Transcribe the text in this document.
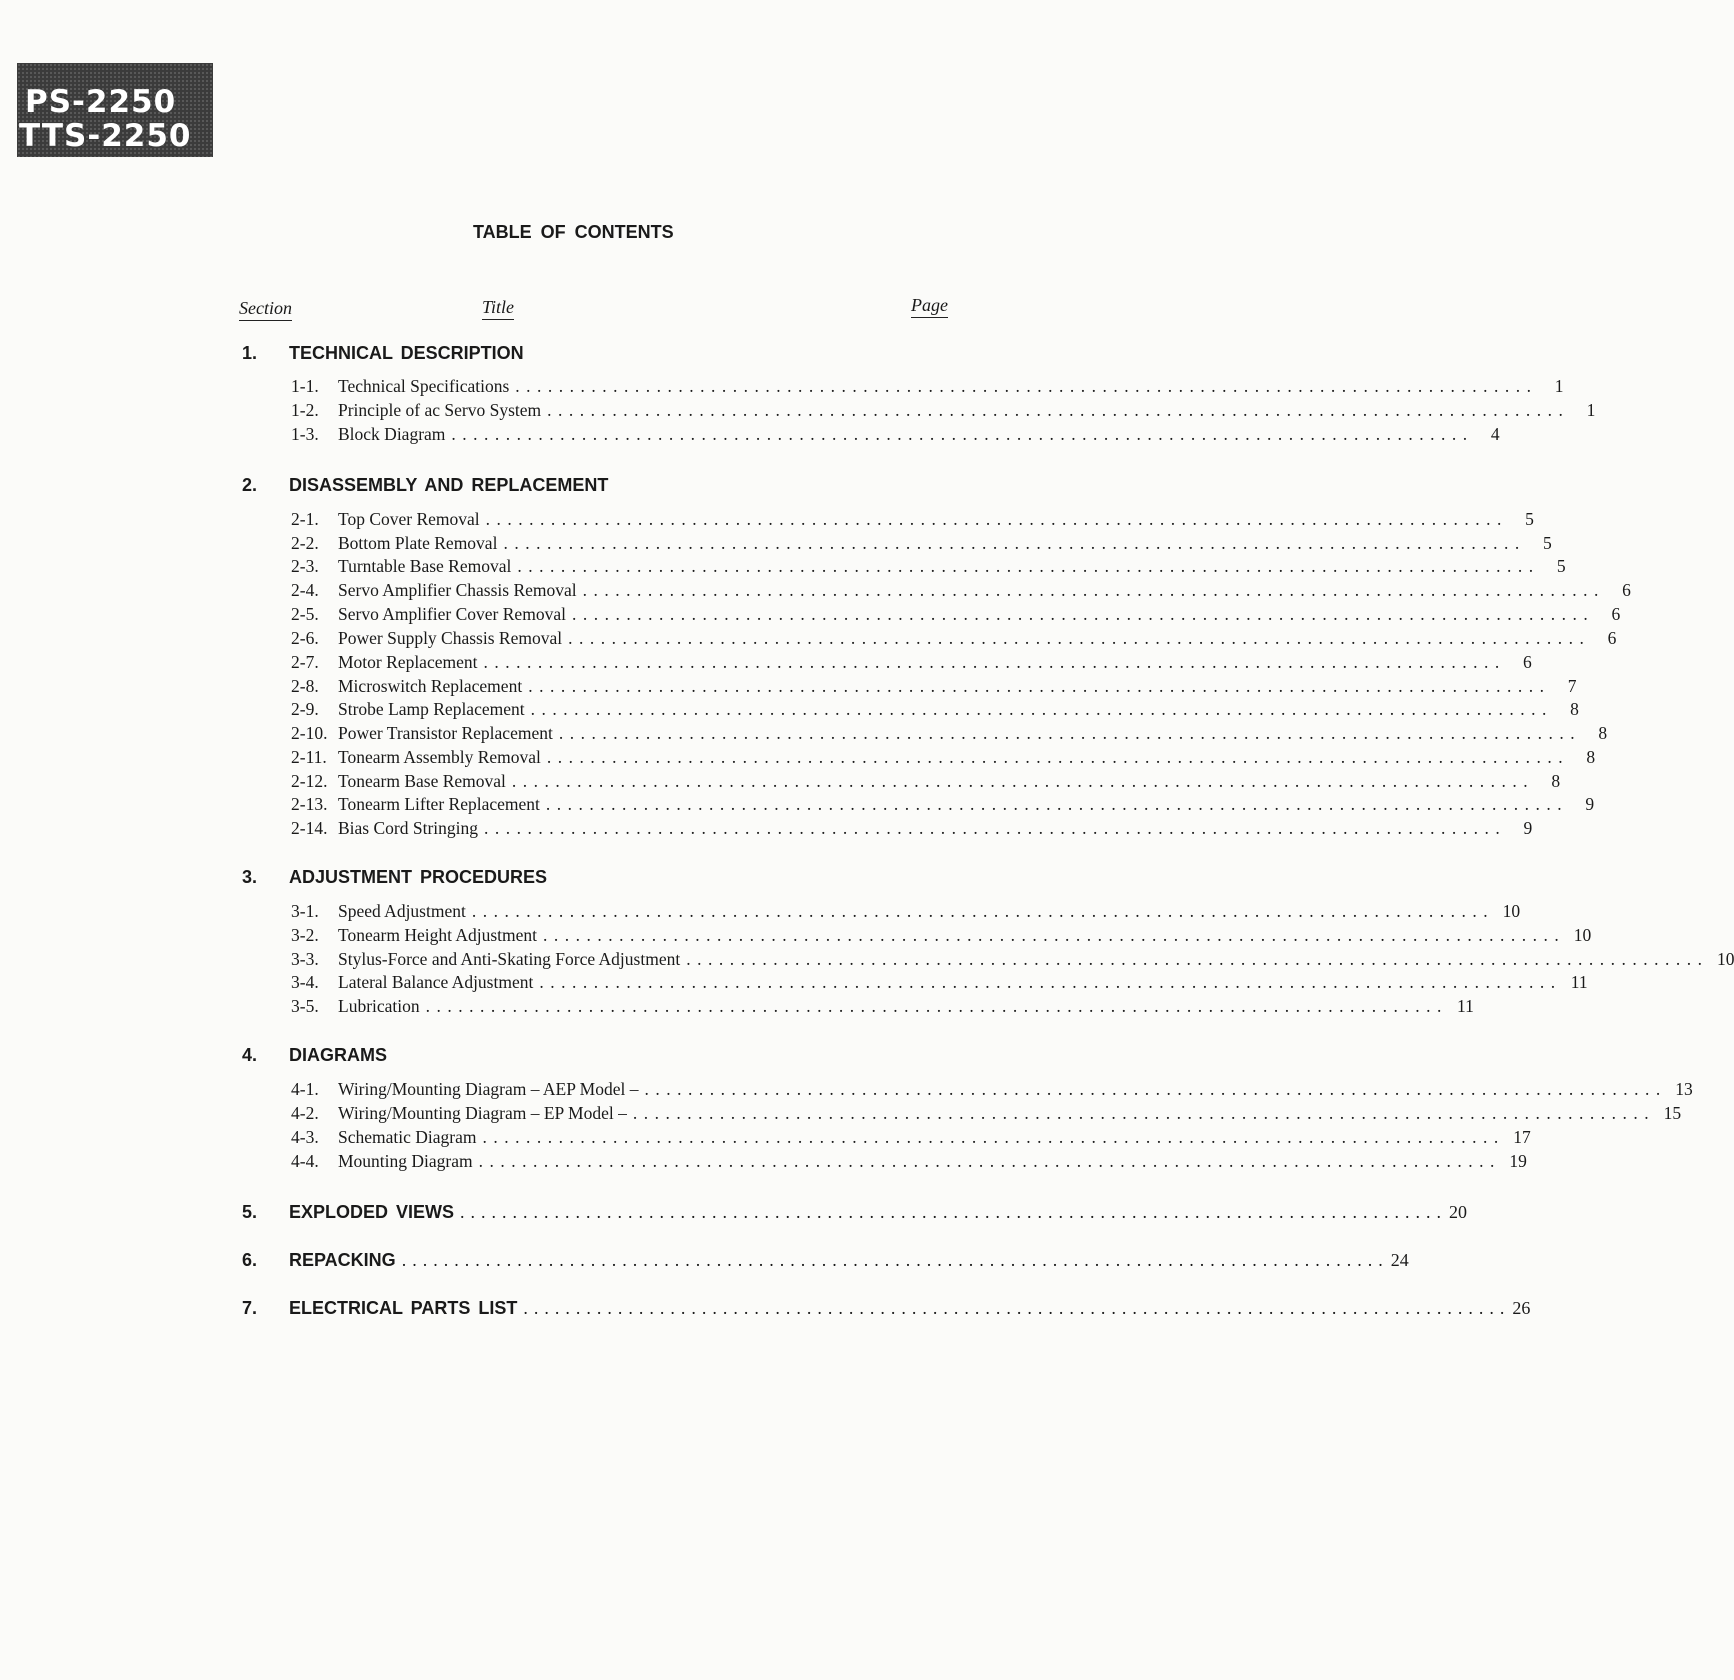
PS-2250
TTS-2250
TABLE OF CONTENTS
Section	Title	Page
1. TECHNICAL DESCRIPTION
1-1.	Technical Specifications .............................................................................................. 1
1-2.	Principle of ac Servo System .............................................................................................. 1
1-3.	Block Diagram .............................................................................................. 4
2. DISASSEMBLY AND REPLACEMENT
2-1.	Top Cover Removal .............................................................................................. 5
2-2.	Bottom Plate Removal .............................................................................................. 5
2-3.	Turntable Base Removal .............................................................................................. 5
2-4.	Servo Amplifier Chassis Removal .............................................................................................. 6
2-5.	Servo Amplifier Cover Removal .............................................................................................. 6
2-6.	Power Supply Chassis Removal .............................................................................................. 6
2-7.	Motor Replacement .............................................................................................. 6
2-8.	Microswitch Replacement .............................................................................................. 7
2-9.	Strobe Lamp Replacement .............................................................................................. 8
2-10. Power Transistor Replacement .............................................................................................. 8
2-11. Tonearm Assembly Removal .............................................................................................. 8
2-12. Tonearm Base Removal .............................................................................................. 8
2-13. Tonearm Lifter Replacement .............................................................................................. 9
2-14. Bias Cord Stringing .............................................................................................. 9
3. ADJUSTMENT PROCEDURES
3-1.	Speed Adjustment .............................................................................................. 10
3-2.	Tonearm Height Adjustment .............................................................................................. 10
3-3.	Stylus-Force and Anti-Skating Force Adjustment .............................................................................................. 10
3-4.	Lateral Balance Adjustment .............................................................................................. 11
3-5.	Lubrication .............................................................................................. 11
4. DIAGRAMS
4-1.	Wiring/Mounting Diagram – AEP Model – .............................................................................................. 13
4-2.	Wiring/Mounting Diagram – EP Model – .............................................................................................. 15
4-3.	Schematic Diagram .............................................................................................. 17
4-4.	Mounting Diagram .............................................................................................. 19
5. EXPLODED VIEWS .............................................................................................. 20
6. REPACKING .............................................................................................. 24
7. ELECTRICAL PARTS LIST .............................................................................................. 26
